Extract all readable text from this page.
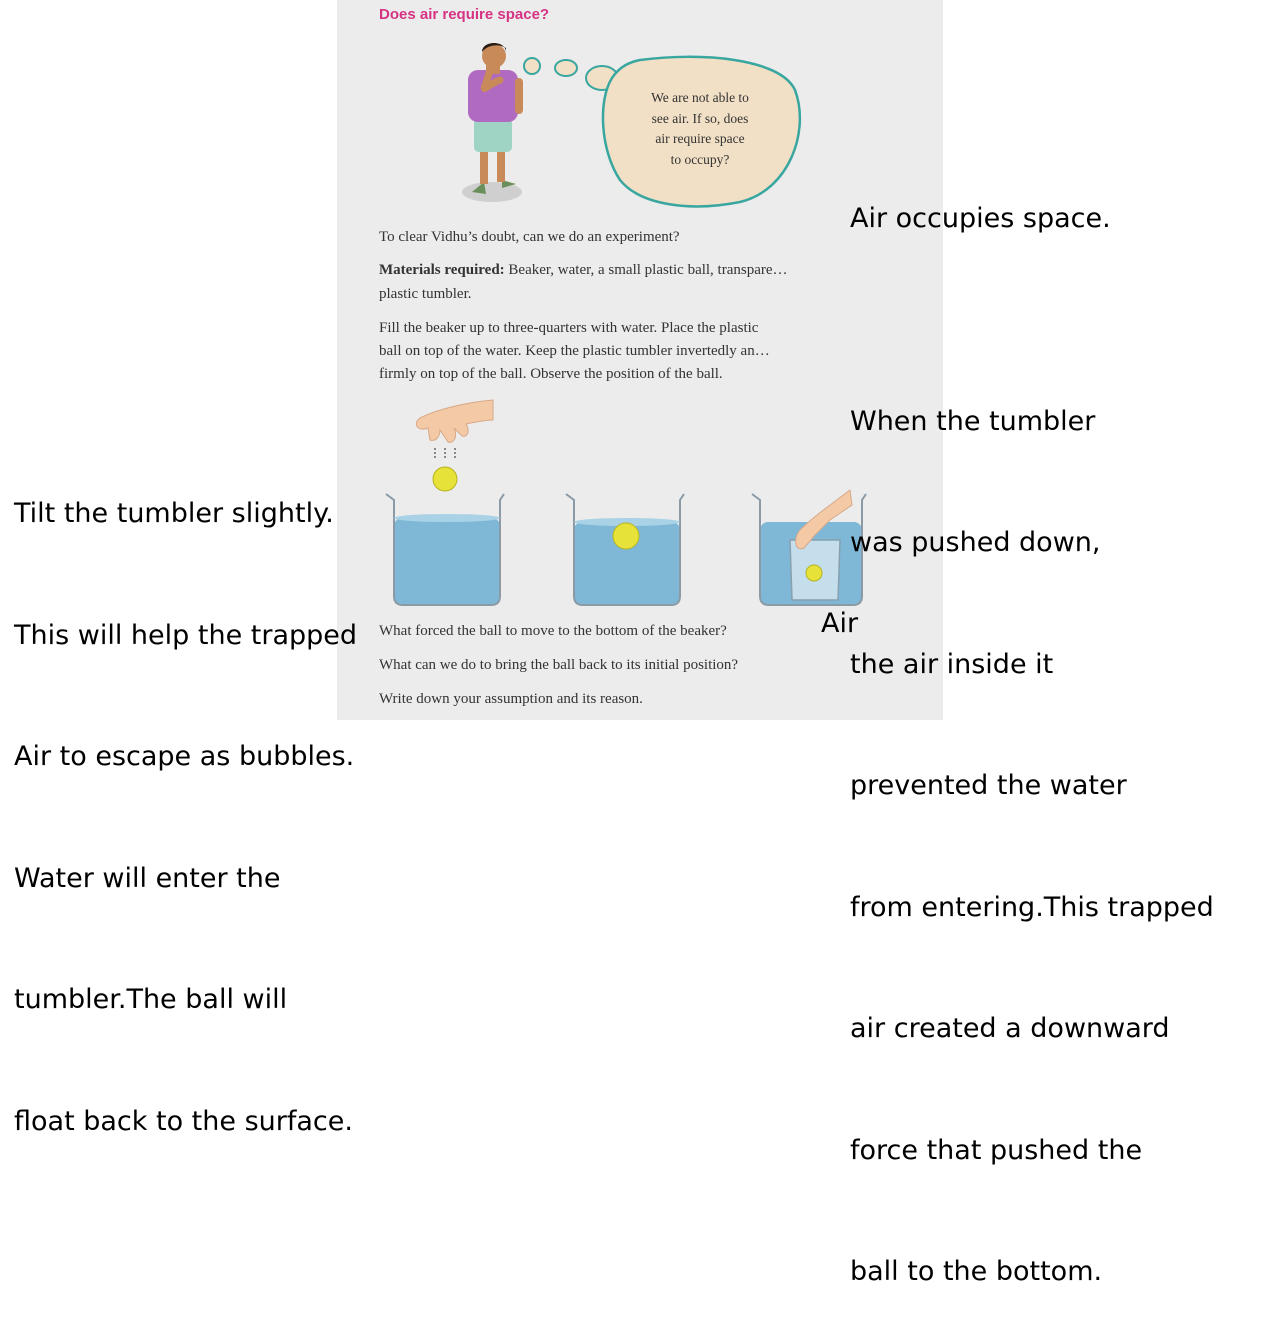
Does air require space?
We are not able to
see air. If so, does
air require space
to occupy?
To clear Vidhu’s doubt, can we do an experiment?
Materials required: Beaker, water, a small plastic ball, transpare…
plastic tumbler.
Fill the beaker up to three-quarters with water. Place the plastic
ball on top of the water. Keep the plastic tumbler invertedly an…
firmly on top of the ball. Observe the position of the ball.
What forced the ball to move to the bottom of the beaker?
What can we do to bring the ball back to its initial position?
Write down your assumption and its reason.

Air occupies space.

When the tumbler

was pushed down,

the air inside it

prevented the water

from entering.This trapped

air created a downward

force that pushed the

ball to the bottom.

Tilt the tumbler slightly.

This will help the trapped

Air to escape as bubbles.

Water will enter the

tumbler.The ball will

float back to the surface.

Air
